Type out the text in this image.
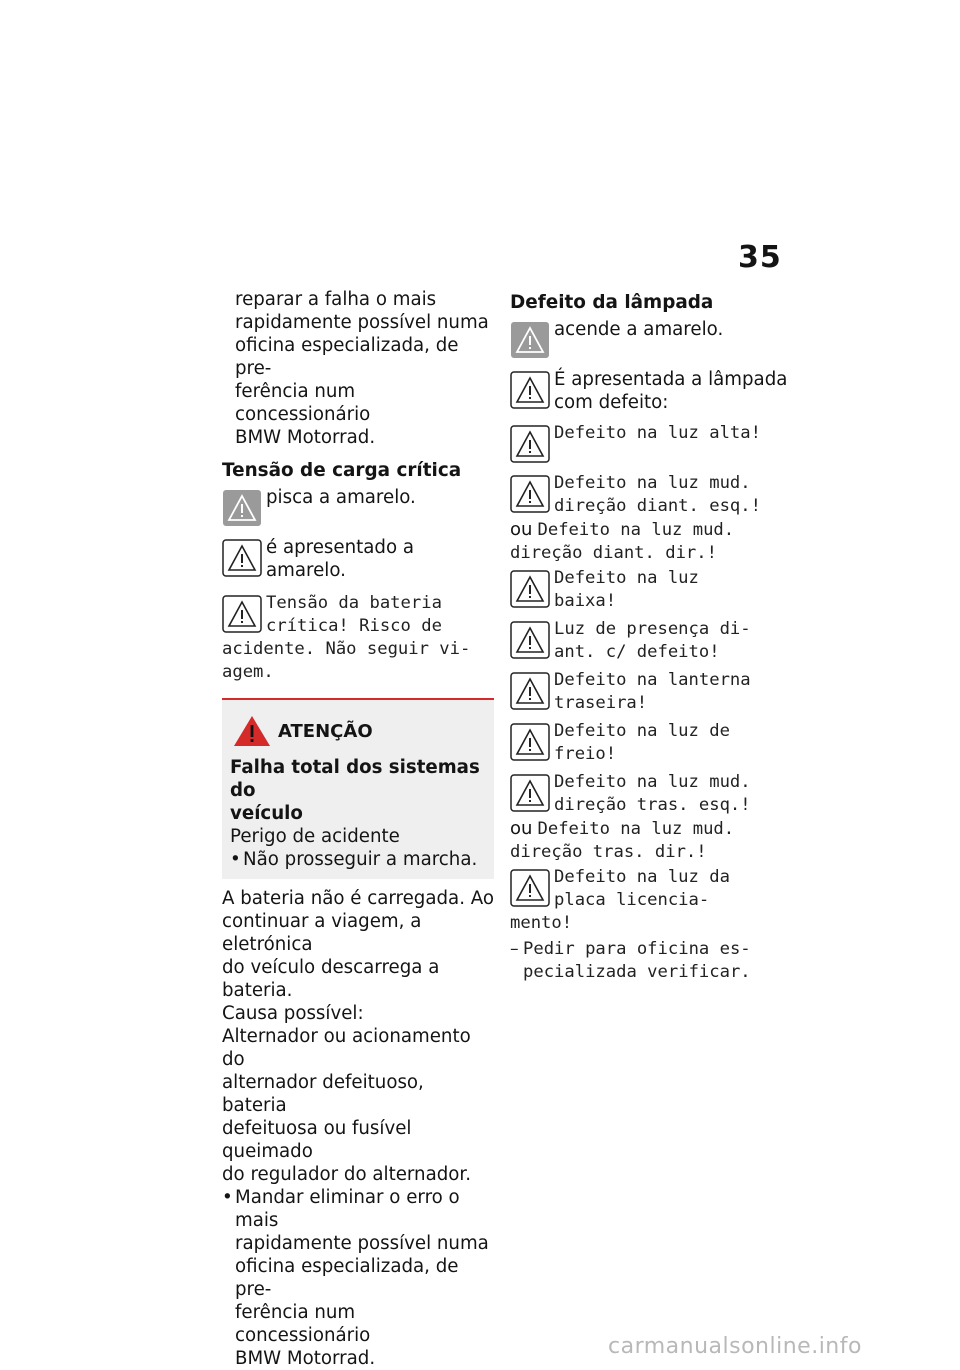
35
reparar a falha o mais
rapidamente possível numa
oficina especializada, de pre-
ferência num concessionário
BMW Motorrad.
Tensão de carga crítica
pisca a amarelo.
é apresentado a amarelo.
Tensão da bateria
crítica! Risco de
acidente. Não seguir vi-
agem.
ATENÇÃO
Falha total dos sistemas do
veículo
Perigo de acidente
• Não prosseguir a marcha.
A bateria não é carregada. Ao
continuar a viagem, a eletrónica
do veículo descarrega a bateria.
Causa possível:
Alternador ou acionamento do
alternador defeituoso, bateria
defeituosa ou fusível queimado
do regulador do alternador.
• Mandar eliminar o erro o mais
rapidamente possível numa
oficina especializada, de pre-
ferência num concessionário
BMW Motorrad.
Defeito da lâmpada
acende a amarelo.
É apresentada a lâmpada
com defeito:
Defeito na luz alta!
Defeito na luz mud.
direção diant. esq.!
ou Defeito na luz mud.
direção diant. dir.!
Defeito na luz
baixa!
Luz de presença di-
ant. c/ defeito!
Defeito na lanterna
traseira!
Defeito na luz de
freio!
Defeito na luz mud.
direção tras. esq.!
ou Defeito na luz mud.
direção tras. dir.!
Defeito na luz da
placa licencia-
mento!
– Pedir para oficina es-
pecializada verificar.
carmanualsonline.info
